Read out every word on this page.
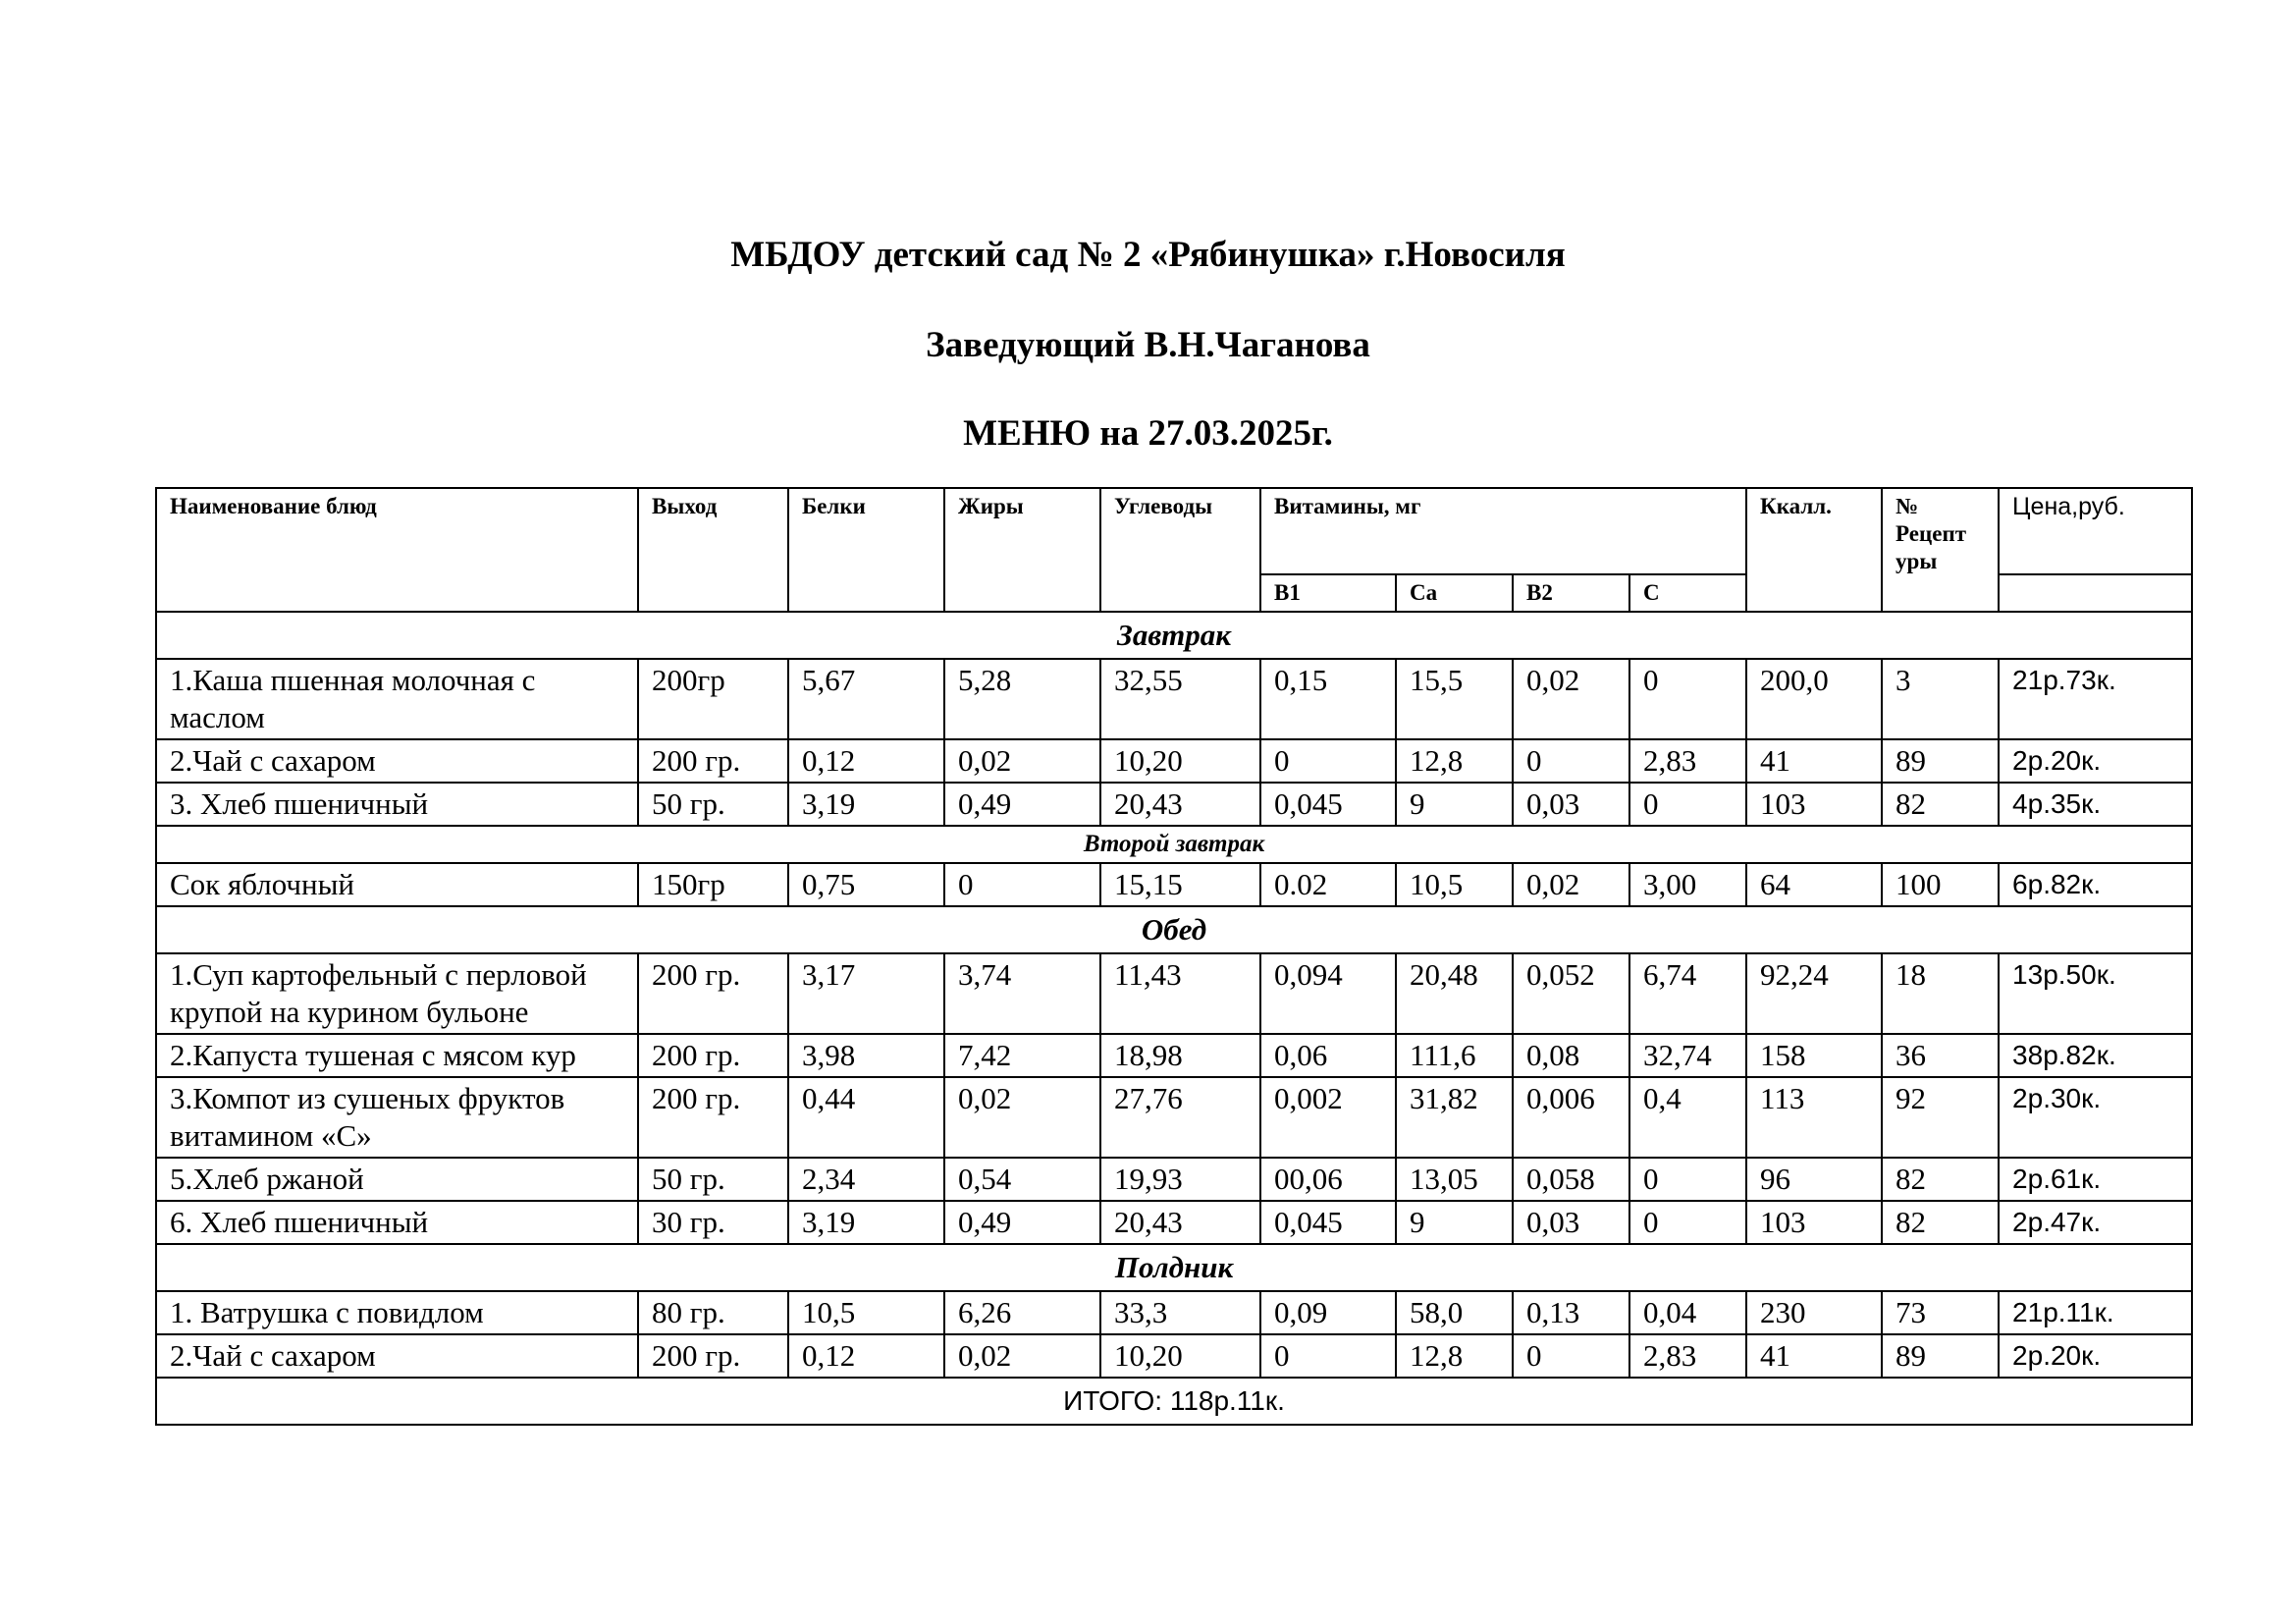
МБДОУ детский сад № 2 «Рябинушка» г.Новосиля
Заведующий В.Н.Чаганова
МЕНЮ на 27.03.2025г.
Наименование блюд	Выход	Белки	Жиры	Углеводы	Витамины, мг				Ккалл.	№ Рецепт уры	Цена,руб.
					B1	Ca	B2	C			
Завтрак											
1.Каша пшенная молочная с маслом	200гр	5,67	5,28	32,55	0,15	15,5	0,02	0	200,0	3	21р.73к.
2.Чай с сахаром	200 гр.	0,12	0,02	10,20	0	12,8	0	2,83	41	89	2р.20к.
3. Хлеб пшеничный	50 гр.	3,19	0,49	20,43	0,045	9	0,03	0	103	82	4р.35к.
Второй завтрак											
Сок яблочный	150гр	0,75	0	15,15	0.02	10,5	0,02	3,00	64	100	6р.82к.
Обед											
1.Суп картофельный с перловой крупой на курином бульоне	200 гр.	3,17	3,74	11,43	0,094	20,48	0,052	6,74	92,24	18	13р.50к.
2.Капуста тушеная с мясом кур	200 гр.	3,98	7,42	18,98	0,06	111,6	0,08	32,74	158	36	38р.82к.
3.Компот из сушеных фруктов витамином «С»	200 гр.	0,44	0,02	27,76	0,002	31,82	0,006	0,4	113	92	2р.30к.
5.Хлеб ржаной	50 гр.	2,34	0,54	19,93	00,06	13,05	0,058	0	96	82	2р.61к.
6. Хлеб пшеничный	30 гр.	3,19	0,49	20,43	0,045	9	0,03	0	103	82	2р.47к.
Полдник											
1. Ватрушка с повидлом	80 гр.	10,5	6,26	33,3	0,09	58,0	0,13	0,04	230	73	21р.11к.
2.Чай с сахаром	200 гр.	0,12	0,02	10,20	0	12,8	0	2,83	41	89	2р.20к.
ИТОГО: 118р.11к.											
